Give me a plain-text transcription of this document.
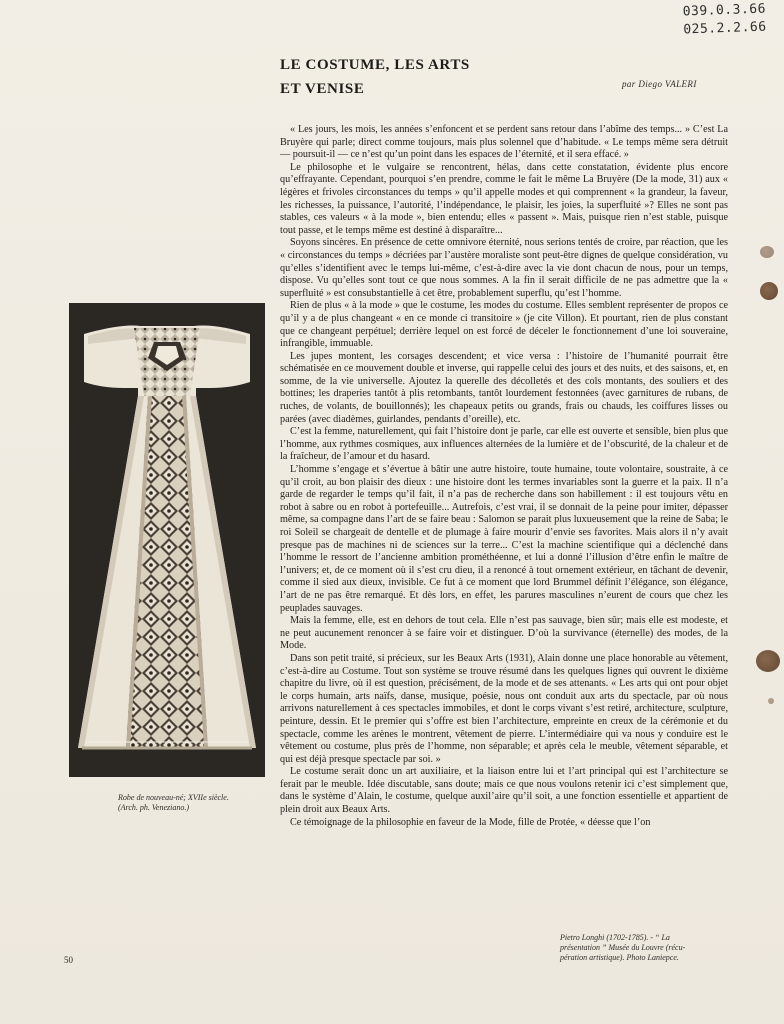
039.0.3.66
025.2.2.66
LE COSTUME, LES ARTS
ET VENISE	par Diego VALERI
Robe de nouveau-né; XVIIe siècle.
(Arch. ph. Veneziano.)

« Les jours, les mois, les années s’enfoncent et se perdent sans retour dans l’abîme des temps... » C’est La Bruyère qui parle; direct comme toujours, mais plus solennel que d’habitude. « Le temps même sera détruit — poursuit-il — ce n’est qu’un point dans les espaces de l’éternité, et il sera effacé. »

Le philosophe et le vulgaire se rencontrent, hélas, dans cette constatation, évidente plus encore qu’effrayante. Cependant, pourquoi s’en prendre, comme le fait le même La Bruyère (De la mode, 31) aux « légères et frivoles circonstances du temps » qu’il appelle modes et qui comprennent « la grandeur, la faveur, les richesses, la puissance, l’autorité, l’indépendance, le plaisir, les joies, la superfluité »? Elles ne sont pas stables, ces valeurs « à la mode », bien entendu; elles « passent ». Mais, puisque rien n’est stable, puisque tout passe, et le temps même est destiné à disparaître...

Soyons sincères. En présence de cette omnivore éternité, nous serions tentés de croire, par réaction, que les « circonstances du temps » décriées par l’austère moraliste sont peut-être dignes de quelque considération, vu qu’elles s’identifient avec le temps lui-même, c’est-à-dire avec la vie dont chacun de nous, pour un temps, dispose. Vu qu’elles sont tout ce que nous sommes. A la fin il serait difficile de ne pas admettre que la « superfluité » est consubstantielle à cet être, probablement superflu, qu’est l’homme.

Rien de plus « à la mode » que le costume, les modes du costume. Elles semblent représenter de propos ce qu’il y a de plus changeant « en ce monde ci transitoire » (je cite Villon). Et pourtant, rien de plus constant que ce changeant perpétuel; derrière lequel on est forcé de déceler le fonctionnement d’une loi souveraine, infrangible, immuable.

Les jupes montent, les corsages descendent; et vice versa : l’histoire de l’humanité pourrait être schématisée en ce mouvement double et inverse, qui rappelle celui des jours et des nuits, et des saisons, et, en somme, de la vie universelle. Ajoutez la querelle des décolletés et des cols montants, des souliers et des bottines; les draperies tantôt à plis retombants, tantôt lourdement festonnées (avec garnitures de rubans, de ruches, de volants, de bouillonnés); les chapeaux petits ou grands, frais ou chauds, les coiffures lisses ou parées (avec diadèmes, guirlandes, pendants d’oreille), etc.

C’est la femme, naturellement, qui fait l’histoire dont je parle, car elle est ouverte et sensible, bien plus que l’homme, aux rythmes cosmiques, aux influences alternées de la lumière et de l’obscurité, de la chaleur et de la fraîcheur, de l’amour et du hasard.

L’homme s’engage et s’évertue à bâtir une autre histoire, toute humaine, toute volontaire, soustraite, à ce qu’il croit, au bon plaisir des dieux : une histoire dont les termes invariables sont la guerre et la paix. Il n’a garde de regarder le temps qu’il fait, il n’a pas de recherche dans son habillement : il est toujours vêtu en robot à sabre ou en robot à portefeuille... Autrefois, c’est vrai, il se donnait de la peine pour imiter, dépasser même, sa compagne dans l’art de se faire beau : Salomon se parait plus luxueusement que la reine de Saba; le roi Soleil se chargeait de dentelle et de plumage à faire mourir d’envie ses favorites. Mais alors il n’y avait presque pas de machines ni de sciences sur la terre... C’est la machine scientifique qui a déclenché dans l’homme le ressort de l’ancienne ambition prométhéenne, et lui a donné l’illusion d’être enfin le maître de l’univers; et, de ce moment où il s’est cru dieu, il a renoncé à tout ornement extérieur, en tâchant de devenir, comme il sied aux dieux, invisible. Ce fut à ce moment que lord Brummel définit l’élégance, son élégance, l’art de ne pas être remarqué. Et dès lors, en effet, les parures masculines n’eurent de cours que chez les peuplades sauvages.

Mais la femme, elle, est en dehors de tout cela. Elle n’est pas sauvage, bien sûr; mais elle est modeste, et ne peut aucunement renoncer à se faire voir et distinguer. D’où la survivance (éternelle) des modes, de la Mode.

Dans son petit traité, si précieux, sur les Beaux Arts (1931), Alain donne une place honorable au vêtement, c’est-à-dire au Costume. Tout son système se trouve résumé dans les quelques lignes qui ouvrent le dixième chapitre du livre, où il est question, précisément, de la mode et de ses attenants. « Les arts qui ont pour objet le corps humain, arts naïfs, danse, musique, poésie, nous ont conduit aux arts du spectacle, par où nous arrivons naturellement à ces spectacles immobiles, et dont le corps vivant s’est retiré, architecture, sculpture, peinture, dessin. Et le premier qui s’offre est bien l’architecture, empreinte en creux de la cérémonie et du spectacle, comme les arènes le montrent, vêtement de pierre. L’intermédiaire qui va nous y conduire est le vêtement ou costume, plus près de l’homme, non séparable; et après cela le meuble, vêtement séparable, et qui est déjà presque spectacle par soi. »

Le costume serait donc un art auxiliaire, et la liaison entre lui et l’art principal qui est l’architecture se ferait par le meuble. Idée discutable, sans doute; mais ce que nous voulons retenir ici c’est simplement que, dans le système d’Alain, le costume, quelque auxil’aire qu’il soit, a une fonction essentielle et appartient de plein droit aux Beaux Arts.

Ce témoignage de la philosophie en faveur de la Mode, fille de Protée, « déesse que l’on

Pietro Longhi (1702-1785). - “ La
présentation ” Musée du Louvre (récu-
pération artistique). Photo Laniepce.
50
